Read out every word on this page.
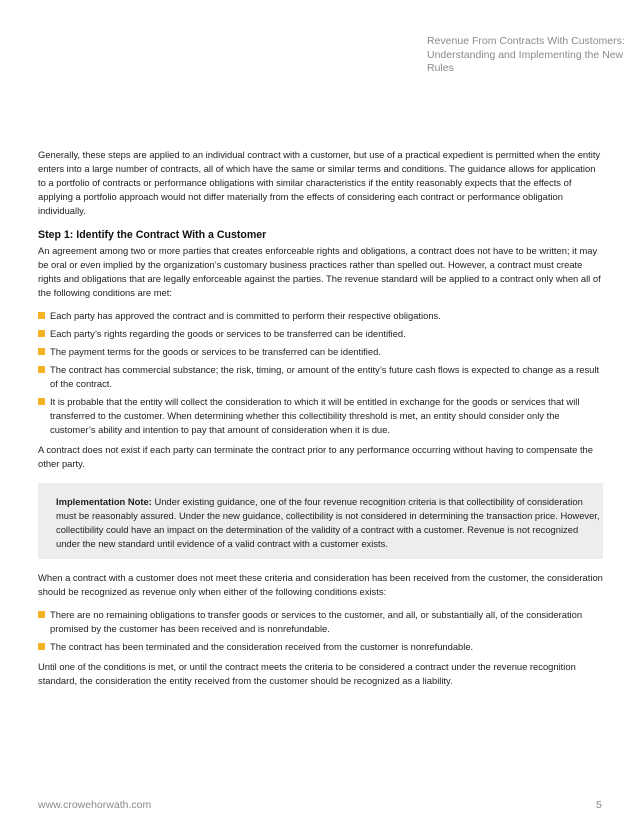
Revenue From Contracts With Customers: Understanding and Implementing the New Rules

Generally, these steps are applied to an individual contract with a customer, but use of a practical expedient is permitted when the entity enters into a large number of contracts, all of which have the same or similar terms and conditions. The guidance allows for application to a portfolio of contracts or performance obligations with similar characteristics if the entity reasonably expects that the effects of applying a portfolio approach would not differ materially from the effects of considering each contract or performance obligation individually.

Step 1: Identify the Contract With a Customer

An agreement among two or more parties that creates enforceable rights and obligations, a contract does not have to be written; it may be oral or even implied by the organization’s customary business practices rather than spelled out. However, a contract must create rights and obligations that are legally enforceable against the parties. The revenue standard will be applied to a contract only when all of the following conditions are met:

Each party has approved the contract and is committed to perform their respective obligations.
Each party’s rights regarding the goods or services to be transferred can be identified.
The payment terms for the goods or services to be transferred can be identified.
The contract has commercial substance; the risk, timing, or amount of the entity’s future cash flows is expected to change as a result of the contract.
It is probable that the entity will collect the consideration to which it will be entitled in exchange for the goods or services that will transferred to the customer. When determining whether this collectibility threshold is met, an entity should consider only the customer’s ability and intention to pay that amount of consideration when it is due.

A contract does not exist if each party can terminate the contract prior to any performance occurring without having to compensate the other party.

Implementation Note: Under existing guidance, one of the four revenue recognition criteria is that collectibility of consideration must be reasonably assured. Under the new guidance, collectibility is not considered in determining the transaction price. However, collectibility could have an impact on the determination of the validity of a contract with a customer. Revenue is not recognized under the new standard until evidence of a valid contract with a customer exists.

When a contract with a customer does not meet these criteria and consideration has been received from the customer, the consideration should be recognized as revenue only when either of the following conditions exists:

There are no remaining obligations to transfer goods or services to the customer, and all, or substantially all, of the consideration promised by the customer has been received and is nonrefundable.
The contract has been terminated and the consideration received from the customer is nonrefundable.

Until one of the conditions is met, or until the contract meets the criteria to be considered a contract under the revenue recognition standard, the consideration the entity received from the customer should be recognized as a liability.

www.crowehorwath.com	5
